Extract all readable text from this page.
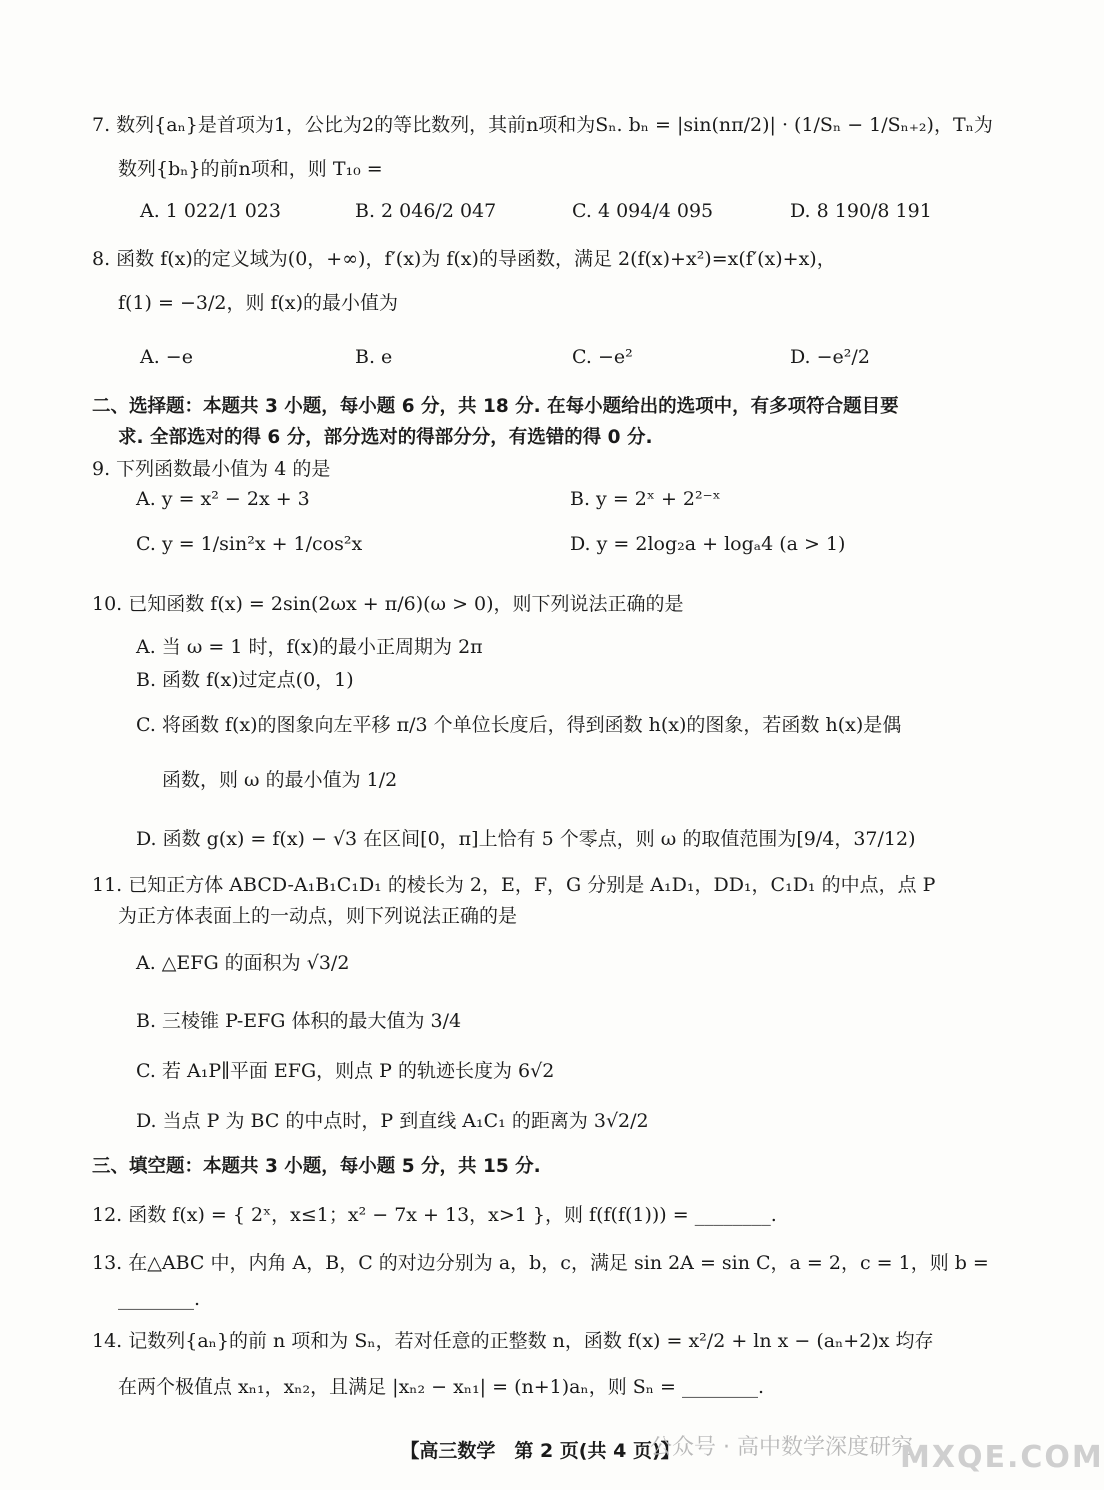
7. 数列{aₙ}是首项为1，公比为2的等比数列，其前n项和为Sₙ. bₙ = |sin(nπ/2)| · (1/Sₙ − 1/Sₙ₊₂)，Tₙ为
数列{bₙ}的前n项和，则 T₁₀ =
A. 1 022/1 023	B. 2 046/2 047	C. 4 094/4 095	D. 8 190/8 191
8. 函数 f(x)的定义域为(0，+∞)，f′(x)为 f(x)的导函数，满足 2(f(x)+x²)=x(f′(x)+x)，
f(1) = −3/2，则 f(x)的最小值为
A. −e	B. e	C. −e²	D. −e²/2
二、选择题：本题共 3 小题，每小题 6 分，共 18 分. 在每小题给出的选项中，有多项符合题目要
求. 全部选对的得 6 分，部分选对的得部分分，有选错的得 0 分.
9. 下列函数最小值为 4 的是
A. y = x² − 2x + 3	B. y = 2ˣ + 2²⁻ˣ
C. y = 1/sin²x + 1/cos²x	D. y = 2log₂a + logₐ4 (a > 1)
10. 已知函数 f(x) = 2sin(2ωx + π/6)(ω > 0)，则下列说法正确的是
A. 当 ω = 1 时，f(x)的最小正周期为 2π
B. 函数 f(x)过定点(0，1)
C. 将函数 f(x)的图象向左平移 π/3 个单位长度后，得到函数 h(x)的图象，若函数 h(x)是偶
函数，则 ω 的最小值为 1/2
D. 函数 g(x) = f(x) − √3 在区间[0，π]上恰有 5 个零点，则 ω 的取值范围为[9/4，37/12)
11. 已知正方体 ABCD-A₁B₁C₁D₁ 的棱长为 2，E，F，G 分别是 A₁D₁，DD₁，C₁D₁ 的中点，点 P
为正方体表面上的一动点，则下列说法正确的是
A. △EFG 的面积为 √3/2
B. 三棱锥 P-EFG 体积的最大值为 3/4
C. 若 A₁P∥平面 EFG，则点 P 的轨迹长度为 6√2
D. 当点 P 为 BC 的中点时，P 到直线 A₁C₁ 的距离为 3√2/2
三、填空题：本题共 3 小题，每小题 5 分，共 15 分.
12. 函数 f(x) = { 2ˣ，x≤1；x² − 7x + 13，x>1 }，则 f(f(f(1))) = ________.
13. 在△ABC 中，内角 A，B，C 的对边分别为 a，b，c，满足 sin 2A = sin C，a = 2，c = 1，则 b =
________.
14. 记数列{aₙ}的前 n 项和为 Sₙ，若对任意的正整数 n，函数 f(x) = x²/2 + ln x − (aₙ+2)x 均存
在两个极值点 xₙ₁，xₙ₂，且满足 |xₙ₂ − xₙ₁| = (n+1)aₙ，则 Sₙ = ________.
【高三数学　第 2 页(共 4 页)】
公众号 · 高中数学深度研究
MXQE.COM
